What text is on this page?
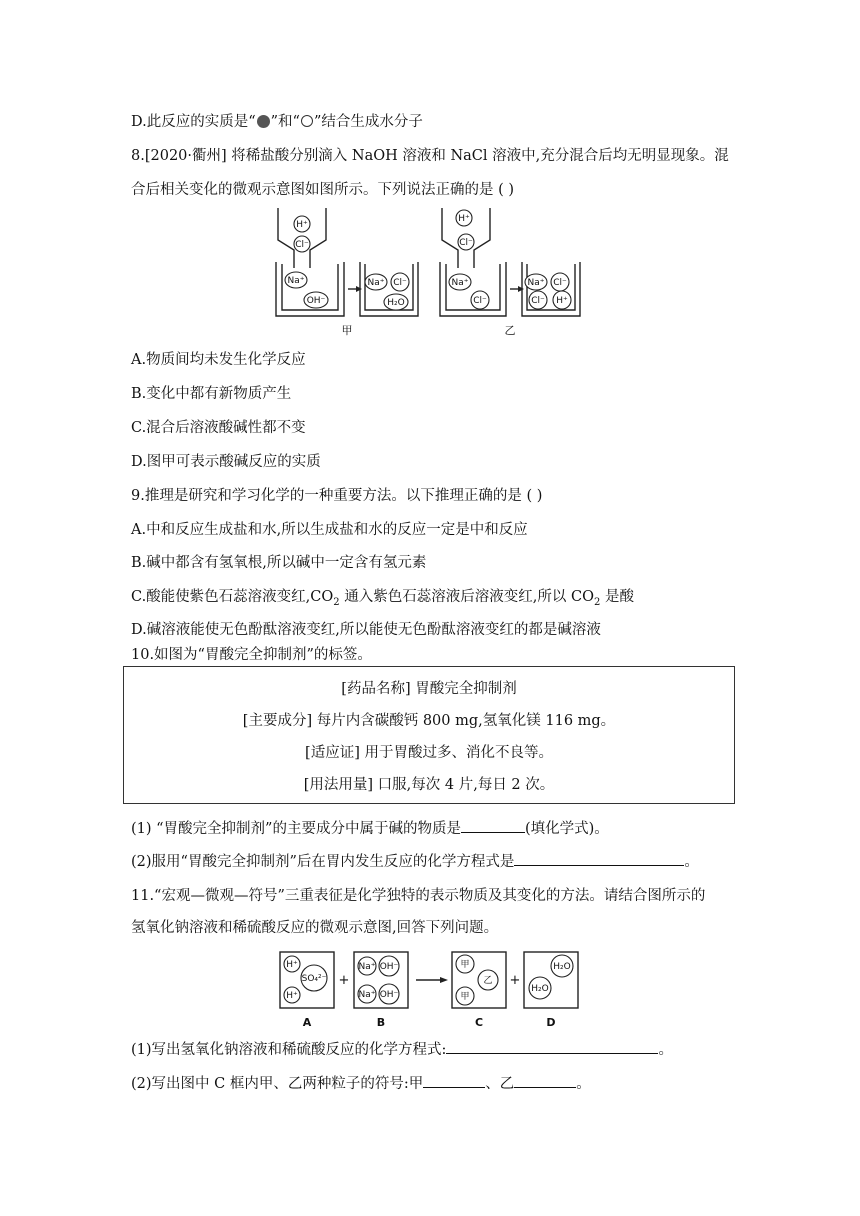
D.此反应的实质是“ ”和“ ”结合生成水分子
8.[2020·衢州] 将稀盐酸分别滴入 NaOH 溶液和 NaCl 溶液中,充分混合后均无明显现象。混
合后相关变化的微观示意图如图所示。下列说法正确的是 ( )
H⁺
Cl⁻
Na⁺
OH⁻
Na⁺ Cl⁻
H₂O
H⁺
Cl⁻
Na⁺
Cl⁻
Na⁺ Cl⁻
Cl⁻ H⁺
甲	乙
A.物质间均未发生化学反应
B.变化中都有新物质产生
C.混合后溶液酸碱性都不变
D.图甲可表示酸碱反应的实质
9.推理是研究和学习化学的一种重要方法。以下推理正确的是 ( )
A.中和反应生成盐和水,所以生成盐和水的反应一定是中和反应
B.碱中都含有氢氧根,所以碱中一定含有氢元素
C.酸能使紫色石蕊溶液变红$,CO_2$ 通入紫色石蕊溶液后溶液变红,所以 $CO_2$ 是酸
D.碱溶液能使无色酚酞溶液变红,所以能使无色酚酞溶液变红的都是碱溶液
10.如图为“胃酸完全抑制剂”的标签。
[药品名称] 胃酸完全抑制剂
[主要成分] 每片内含碳酸钙 800 mg,氢氧化镁 116 mg。
[适应证] 用于胃酸过多、消化不良等。
[用法用量] 口服,每次 4 片,每日 2 次。
(1) “胃酸完全抑制剂”的主要成分中属于碱的物质是	(填化学式)。
(2)服用“胃酸完全抑制剂”后在胃内发生反应的化学方程式是	。
11.“宏观—微观—符号”三重表征是化学独特的表示物质及其变化的方法。请结合图所示的
氢氧化钠溶液和稀硫酸反应的微观示意图,回答下列问题。
H⁺
SO₄²⁻
H⁺
Na⁺ OH⁻
Na⁺ OH⁻
甲
乙
甲
H₂O
H₂O
+	+
A	B	C	D
(1)写出氢氧化钠溶液和稀硫酸反应的化学方程式:	。
(2)写出图中 C 框内甲、乙两种粒子的符号:甲	、乙	。
